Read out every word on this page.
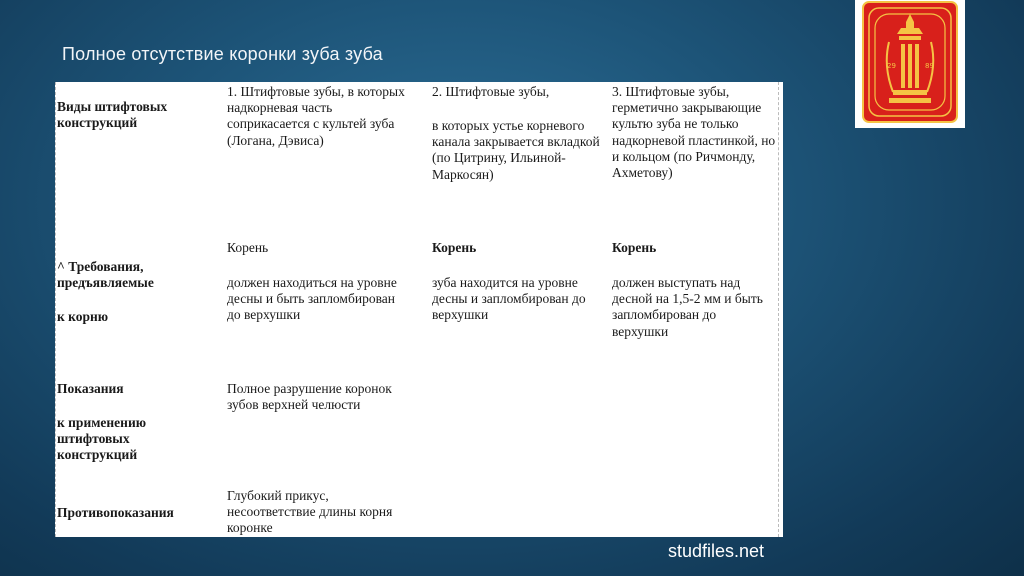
Полное отсутствие коронки зуба зуба
29	89
Виды штифтовых конструкций
1. Штифтовые зубы, в которых надкорневая часть соприкасается с культей зуба (Логана, Дэвиса)
2. Штифтовые зубы,
в которых устье корневого канала закрывается вкладкой (по Цитрину, Ильиной-Маркосян)
3. Штифтовые зубы, герметично закрывающие культю зуба не только надкорневой пластинкой, но и кольцом (по Ричмонду, Ахметову)
^ Требования, предъявляемые
к корню
Корень
должен находиться на уровне десны и быть запломбирован до верхушки
Корень
зуба находится на уровне десны и запломбирован до верхушки
Корень
должен выступать над десной на 1,5-2 мм и быть запломбирован до верхушки
Показания
к применению штифтовых конструкций
Полное разрушение коронок зубов верхней челюсти
Противопоказания
Глубокий прикус, несоответствие длины корня коронке
studfiles.net
